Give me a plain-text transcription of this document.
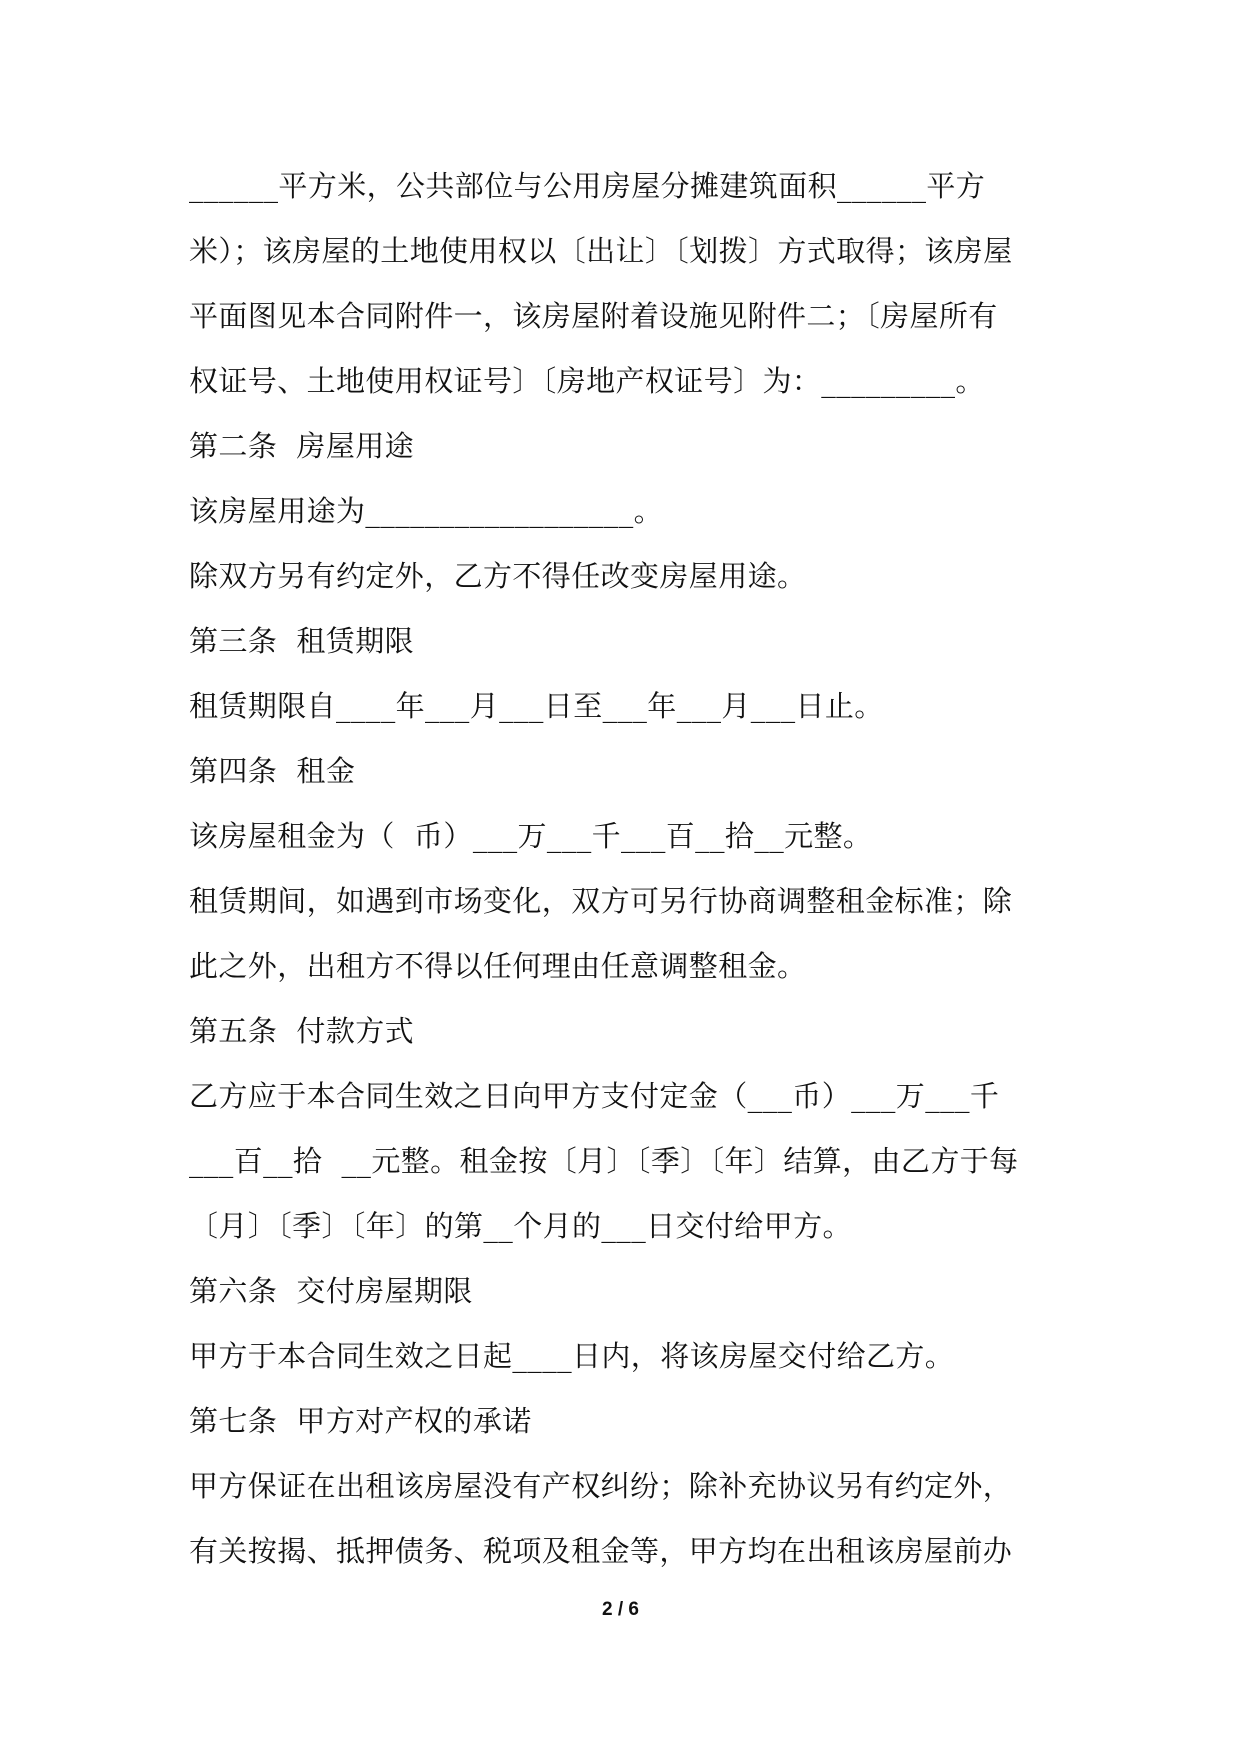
______平方米，公共部位与公用房屋分摊建筑面积______平方
米）；该房屋的土地使用权以〔出让〕〔划拨〕方式取得；该房屋
平面图见本合同附件一，该房屋附着设施见附件二；〔房屋所有
权证号、土地使用权证号〕〔房地产权证号〕为：_________。
第二条  房屋用途
该房屋用途为__________________。
除双方另有约定外，乙方不得任改变房屋用途。
第三条  租赁期限
租赁期限自____年___月___日至___年___月___日止。
第四条  租金
该房屋租金为（  币）___万___千___百__拾__元整。
租赁期间，如遇到市场变化，双方可另行协商调整租金标准；除
此之外，出租方不得以任何理由任意调整租金。
第五条  付款方式
乙方应于本合同生效之日向甲方支付定金（___币）___万___千
___百__拾  __元整。租金按〔月〕〔季〕〔年〕结算，由乙方于每
〔月〕〔季〕〔年〕的第__个月的___日交付给甲方。
第六条  交付房屋期限
甲方于本合同生效之日起____日内，将该房屋交付给乙方。
第七条  甲方对产权的承诺
甲方保证在出租该房屋没有产权纠纷；除补充协议另有约定外，
有关按揭、抵押债务、税项及租金等，甲方均在出租该房屋前办
2 / 6
